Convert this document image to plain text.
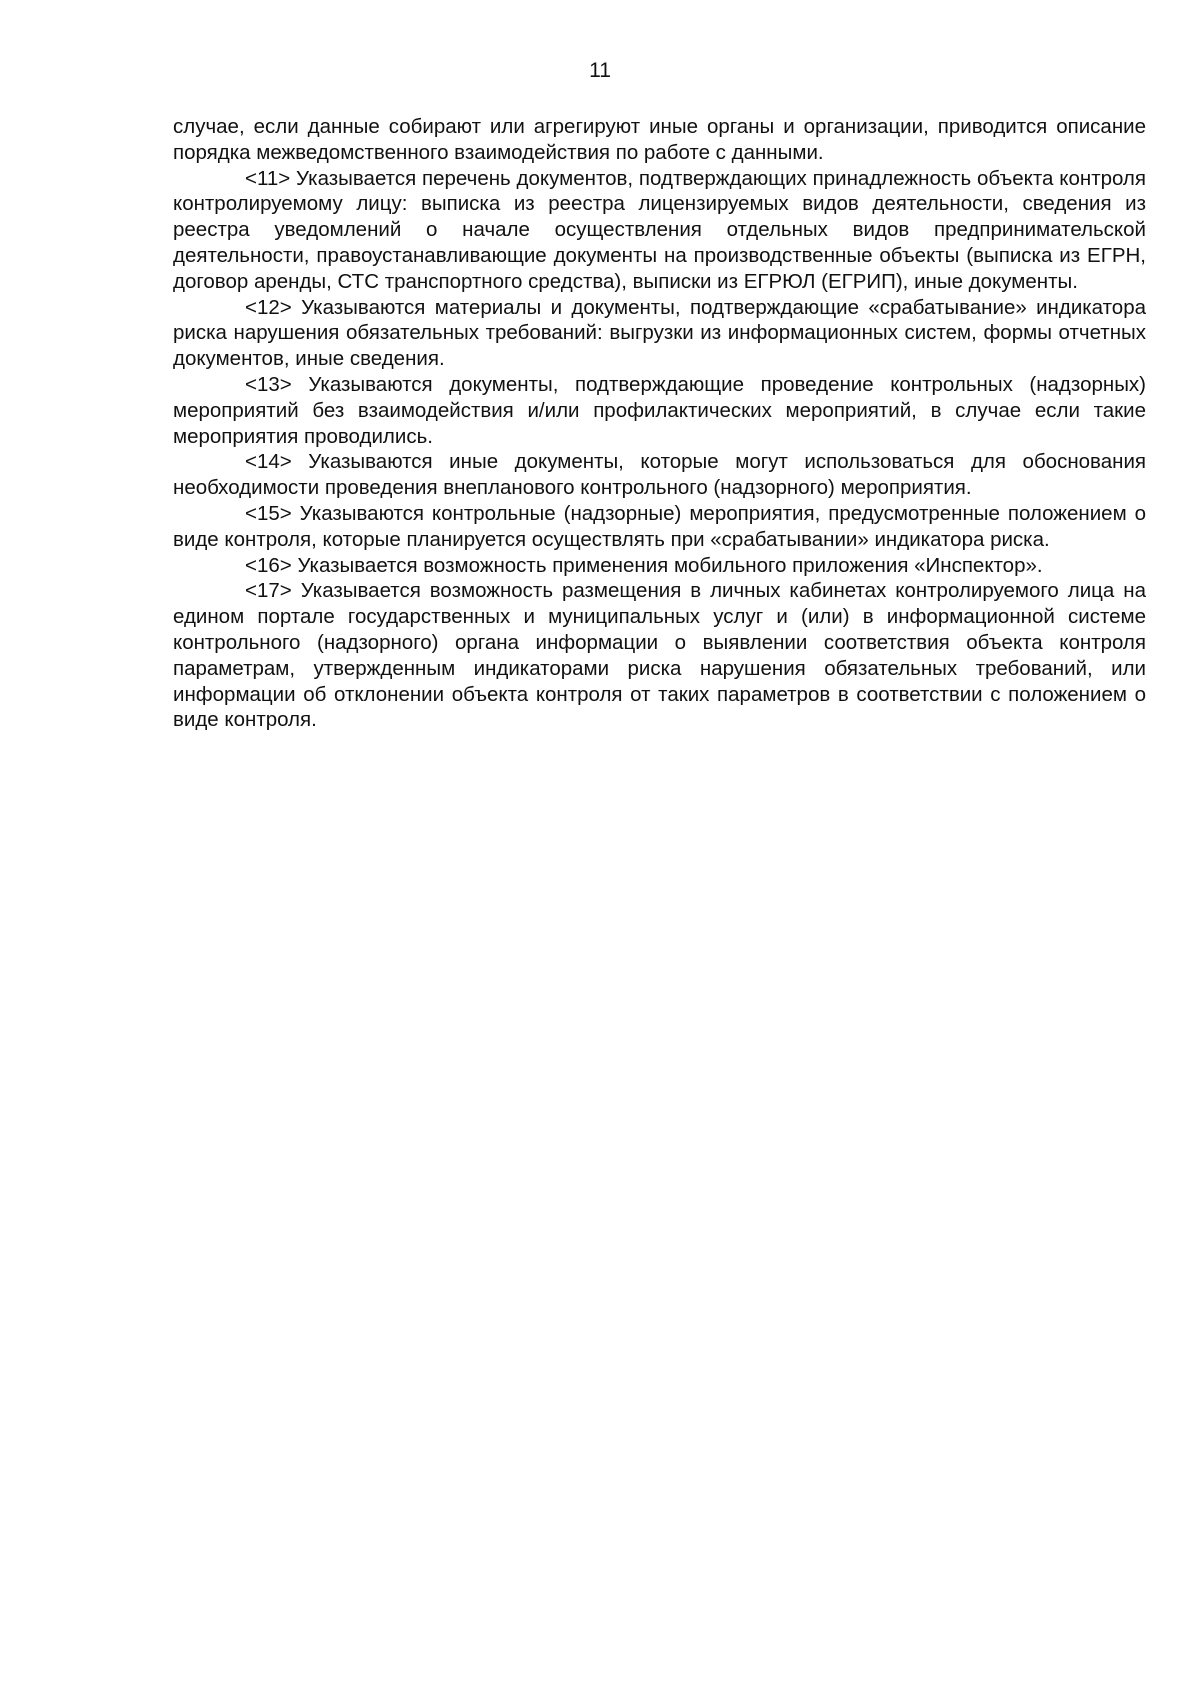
11

случае, если данные собирают или агрегируют иные органы и организации, приводится описание порядка межведомственного взаимодействия по работе с данными.

<11> Указывается перечень документов, подтверждающих принадлежность объекта контроля контролируемому лицу: выписка из реестра лицензируемых видов деятельности, сведения из реестра уведомлений о начале осуществления отдельных видов предпринимательской деятельности, правоустанавливающие документы на производственные объекты (выписка из ЕГРН, договор аренды, СТС транспортного средства), выписки из ЕГРЮЛ (ЕГРИП), иные документы.

<12> Указываются материалы и документы, подтверждающие «срабатывание» индикатора риска нарушения обязательных требований: выгрузки из информационных систем, формы отчетных документов, иные сведения.

<13> Указываются документы, подтверждающие проведение контрольных (надзорных) мероприятий без взаимодействия и/или профилактических мероприятий, в случае если такие мероприятия проводились.

<14> Указываются иные документы, которые могут использоваться для обоснования необходимости проведения внепланового контрольного (надзорного) мероприятия.

<15> Указываются контрольные (надзорные) мероприятия, предусмотренные положением о виде контроля, которые планируется осуществлять при «срабатывании» индикатора риска.

<16> Указывается возможность применения мобильного приложения «Инспектор».

<17> Указывается возможность размещения в личных кабинетах контролируемого лица на едином портале государственных и муниципальных услуг и (или) в информационной системе контрольного (надзорного) органа информации о выявлении соответствия объекта контроля параметрам, утвержденным индикаторами риска нарушения обязательных требований, или информации об отклонении объекта контроля от таких параметров в соответствии с положением о виде контроля.
